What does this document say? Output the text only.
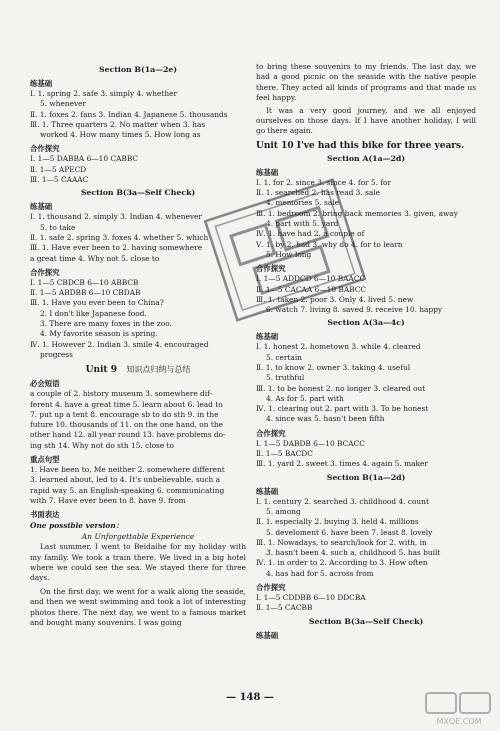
Section B(1a—2e)
练基础
Ⅰ. 1. spring 2. safe 3. simply 4. whether
5. whenever
Ⅱ. 1. foxes 2. fans 3. Indian 4. Japanese 5. thousands
Ⅲ. 1. Three quarters 2. No matter when 3. has
worked 4. How many times 5. How long as
合作探究
Ⅰ. 1—5 DABBA 6—10 CABBC
Ⅱ. 1—5 APECD
Ⅲ. 1—5 CAAAC
Section B(3a—Self Check)
练基础
Ⅰ. 1. thousand 2. simply 3. Indian 4. whenever
5. to take
Ⅱ. 1. safe 2. spring 3. foxes 4. whether 5. which
Ⅲ. 1. Have ever been to 2. having somewhere
a great time 4. Why not 5. close to
合作探究
Ⅰ. 1—5 CBDCB 6—10 ABBCB
Ⅱ. 1—5 ABDBB 6—10 CBDAB
Ⅲ. 1. Have you ever been to China?
2. I don't like Japanese food.
3. There are many foxes in the zoo.
4. My favorite season is spring.
Ⅳ. 1. However 2. Indian 3. smile 4. encouraged
progress
Unit 9 知识点归纳与总结
必会短语
a couple of 2. history museum 3. somewhere dif-
ferent 4. have a great time 5. learn about 6. lead to
7. put up a tent 8. encourage sb to do sth 9. in the
future 10. thousands of 11. on the one hand, on the
other hand 12. all year round 13. have problems do-
ing sth 14. Why not do sth 15. close to
重点句型
1. Have been to, Me neither 2. somewhere different
3. learned about, led to 4. It's unbelievable, such a
rapid way 5. an English-speaking 6. communicating
with 7. Have ever been to 8. have 9. from
书面表达
One possible version：
An Unforgettable Experience
Last summer, I went to Beidaihe for my holiday with my family. We took a train there. We lived in a big hotel where we could see the sea. We stayed there for three days.
On the first day, we went for a walk along the seaside, and then we went swimming and took a lot of interesting photos there. The next day, we went to a famous market and bought many souvenirs. I was going
to bring these souvenirs to my friends. The last day, we had a good picnic on the seaside with the native people there. They acted all kinds of programs and that made us feel happy.
It was a very good journey, and we all enjoyed ourselves on those days. If I have another holiday, I will go there again.
Unit 10 I've had this bike for three years.
Section A(1a—2d)
练基础
Ⅰ. 1. for 2. since 3. since 4. for 5. for
Ⅱ. 1. searched 2. has read 3. sale
4. memories 5. sale
Ⅲ. 1. bedroom 2. bring back memories 3. given, away
4. part with 5. yard
Ⅳ. 1. have had 2. a couple of
Ⅴ. 1. by 2. had 3. why do 4. for to learn
5. How long
合作探究
Ⅰ. 1—5 ADDCD 6—10 BAACC
Ⅱ. 1—5 CACAA 6—10 BABCC
Ⅲ. 1. taken 2. poor 3. Only 4. lived 5. new
6. watch 7. living 8. saved 9. receive 10. happy
Section A(3a—4c)
练基础
Ⅰ. 1. honest 2. hometown 3. while 4. cleared
5. certain
Ⅱ. 1. to know 2. owner 3. taking 4. useful
5. truthful
Ⅲ. 1. to be honest 2. no longer 3. cleared out
4. As for 5. part with
Ⅳ. 1. clearing out 2. part with 3. To be honest
4. since was 5. hasn't been fifth
合作探究
Ⅰ. 1—5 DABDB 6—10 BCACC
Ⅱ. 1—5 BACDC
Ⅲ. 1. yard 2. sweet 3. times 4. again 5. maker
Section B(1a—2d)
练基础
Ⅰ. 1. century 2. searched 3. childhood 4. count
5. among
Ⅱ. 1. especially 2. buying 3. held 4. millions
5. develoment 6. have been 7. least 8. lovely
Ⅲ. 1. Nowadays, to search/look for 2. with, in
3. hasn't been 4. such a, childhood 5. has built
Ⅳ. 1. in order to 2. According to 3. How often
4. has had for 5. across from
合作探究
Ⅰ. 1—5 CDDBB 6—10 DDCBA
Ⅱ. 1—5 CACBB
Section B(3a—Self Check)
练基础
— 148 —
MXQE.COM
